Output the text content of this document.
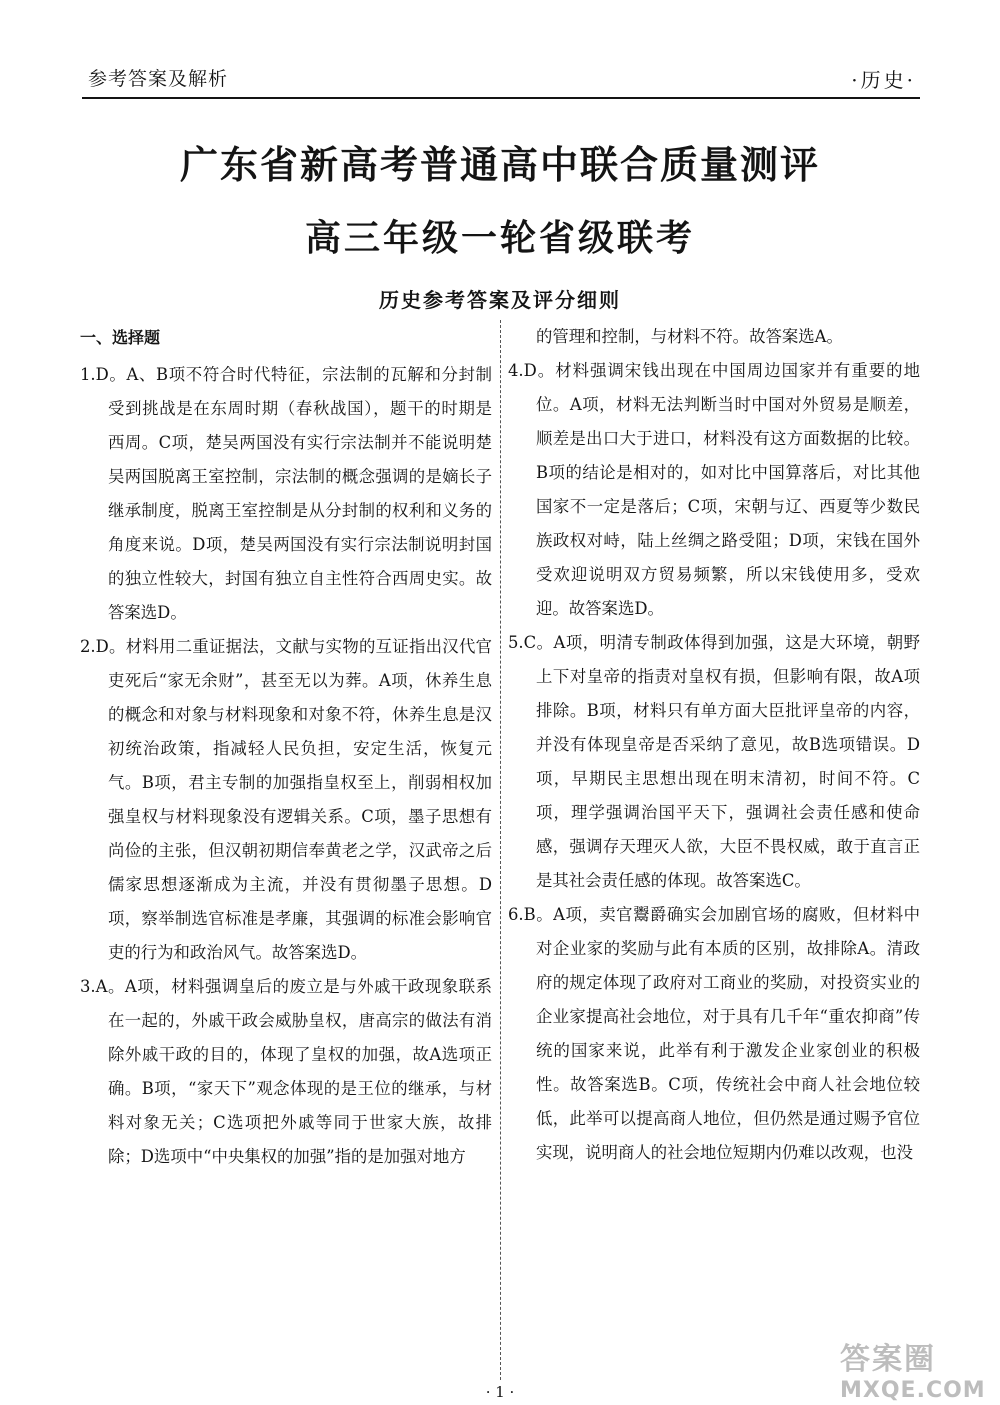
参考答案及解析	·历史·
广东省新高考普通高中联合质量测评
高三年级一轮省级联考
历史参考答案及评分细则
一、选择题

1.D。A、B项不符合时代特征，宗法制的瓦解和分封制受到挑战是在东周时期（春秋战国），题干的时期是西周。C项，楚吴两国没有实行宗法制并不能说明楚吴两国脱离王室控制，宗法制的概念强调的是嫡长子继承制度，脱离王室控制是从分封制的权利和义务的角度来说。D项，楚吴两国没有实行宗法制说明封国的独立性较大，封国有独立自主性符合西周史实。故答案选D。

2.D。材料用二重证据法，文献与实物的互证指出汉代官吏死后“家无余财”，甚至无以为葬。A项，休养生息的概念和对象与材料现象和对象不符，休养生息是汉初统治政策，指减轻人民负担，安定生活，恢复元气。B项，君主专制的加强指皇权至上，削弱相权加强皇权与材料现象没有逻辑关系。C项，墨子思想有尚俭的主张，但汉朝初期信奉黄老之学，汉武帝之后儒家思想逐渐成为主流，并没有贯彻墨子思想。D项，察举制选官标准是孝廉，其强调的标准会影响官吏的行为和政治风气。故答案选D。

3.A。A项，材料强调皇后的废立是与外戚干政现象联系在一起的，外戚干政会威胁皇权，唐高宗的做法有消除外戚干政的目的，体现了皇权的加强，故A选项正确。B项，“家天下”观念体现的是王位的继承，与材料对象无关；C选项把外戚等同于世家大族，故排除；D选项中“中央集权的加强”指的是加强对地方

的管理和控制，与材料不符。故答案选A。

4.D。材料强调宋钱出现在中国周边国家并有重要的地位。A项，材料无法判断当时中国对外贸易是顺差，顺差是出口大于进口，材料没有这方面数据的比较。B项的结论是相对的，如对比中国算落后，对比其他国家不一定是落后；C项，宋朝与辽、西夏等少数民族政权对峙，陆上丝绸之路受阻；D项，宋钱在国外受欢迎说明双方贸易频繁，所以宋钱使用多，受欢迎。故答案选D。

5.C。A项，明清专制政体得到加强，这是大环境，朝野上下对皇帝的指责对皇权有损，但影响有限，故A项排除。B项，材料只有单方面大臣批评皇帝的内容，并没有体现皇帝是否采纳了意见，故B选项错误。D项，早期民主思想出现在明末清初，时间不符。C项，理学强调治国平天下，强调社会责任感和使命感，强调存天理灭人欲，大臣不畏权威，敢于直言正是其社会责任感的体现。故答案选C。

6.B。A项，卖官鬻爵确实会加剧官场的腐败，但材料中对企业家的奖励与此有本质的区别，故排除A。清政府的规定体现了政府对工商业的奖励，对投资实业的企业家提高社会地位，对于具有几千年“重农抑商”传统的国家来说，此举有利于激发企业家创业的积极性。故答案选B。C项，传统社会中商人社会地位较低，此举可以提高商人地位，但仍然是通过赐予官位实现，说明商人的社会地位短期内仍难以改观，也没

· 1 ·
答案圈
MXQE.COM
